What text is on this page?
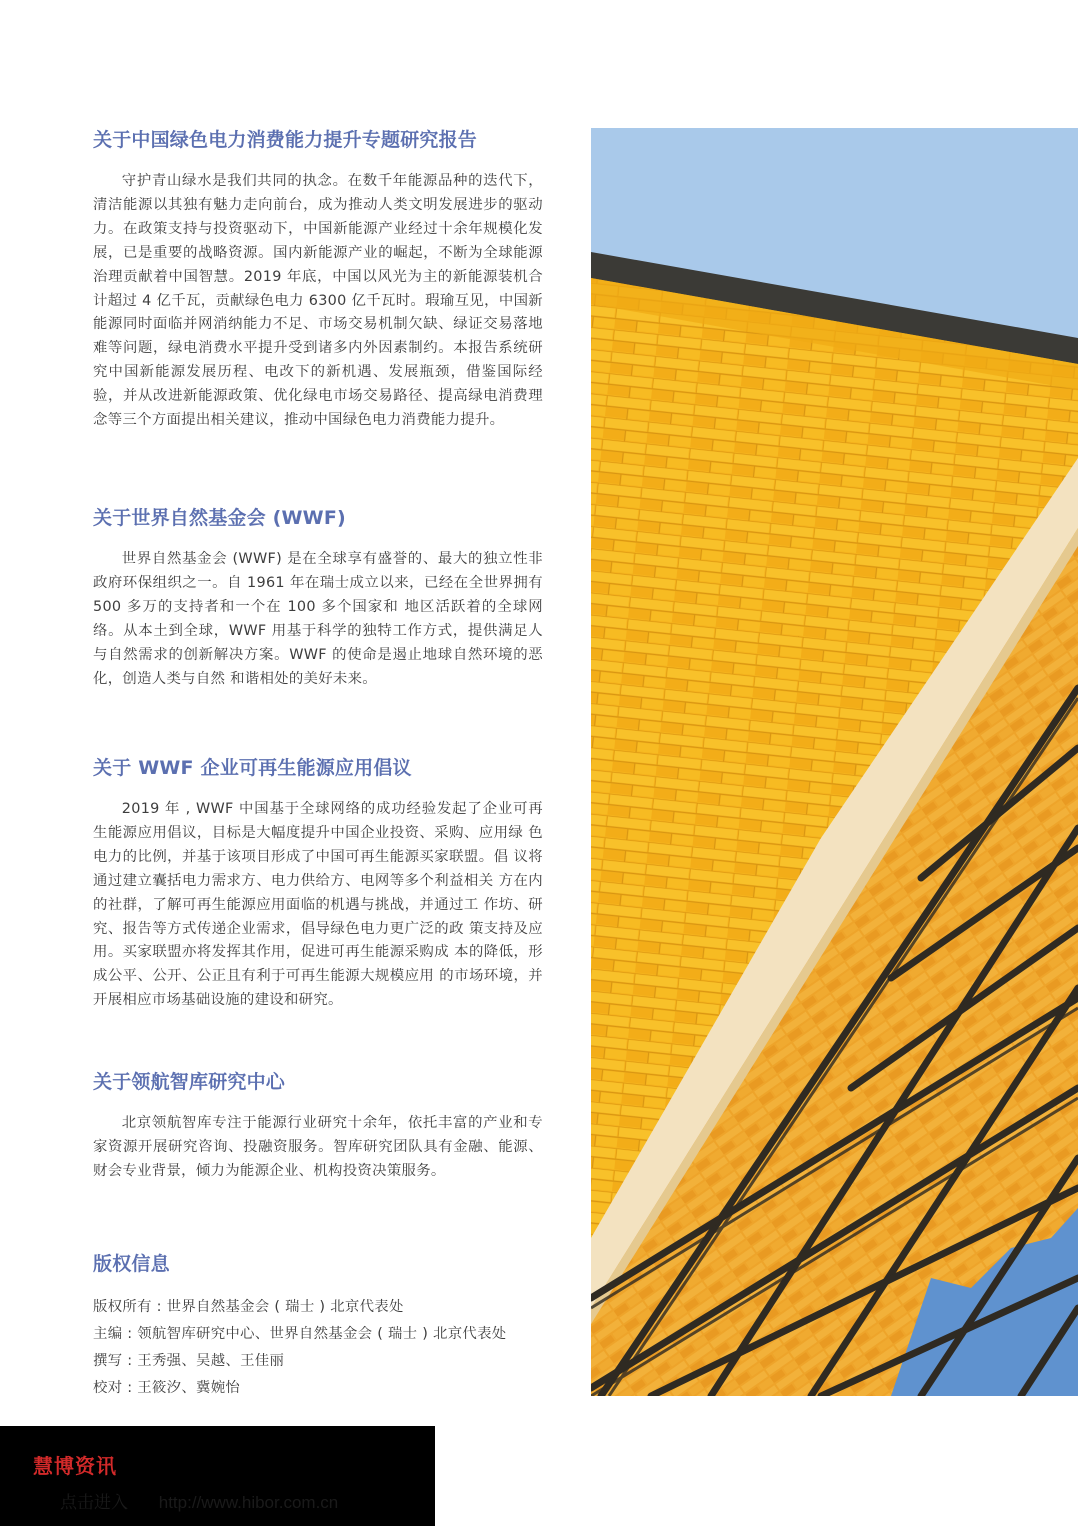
关于中国绿色电力消费能力提升专题研究报告

守护青山绿水是我们共同的执念。在数千年能源品种的迭代下，清洁能源以其独有魅力走向前台，成为推动人类文明发展进步的驱动力。在政策支持与投资驱动下，中国新能源产业经过十余年规模化发展，已是重要的战略资源。国内新能源产业的崛起，不断为全球能源治理贡献着中国智慧。2019 年底，中国以风光为主的新能源装机合计超过 4 亿千瓦，贡献绿色电力 6300 亿千瓦时。瑕瑜互见，中国新能源同时面临并网消纳能力不足、市场交易机制欠缺、绿证交易落地难等问题，绿电消费水平提升受到诸多内外因素制约。本报告系统研究中国新能源发展历程、电改下的新机遇、发展瓶颈，借鉴国际经验，并从改进新能源政策、优化绿电市场交易路径、提高绿电消费理念等三个方面提出相关建议，推动中国绿色电力消费能力提升。

关于世界自然基金会 (WWF)

世界自然基金会 (WWF) 是在全球享有盛誉的、最大的独立性非政府环保组织之一。自 1961 年在瑞士成立以来，已经在全世界拥有 500 多万的支持者和一个在 100 多个国家和 地区活跃着的全球网络。从本土到全球，WWF 用基于科学的独特工作方式，提供满足人 与自然需求的创新解决方案。WWF 的使命是遏止地球自然环境的恶化，创造人类与自然 和谐相处的美好未来。

关于 WWF 企业可再生能源应用倡议

2019 年 , WWF 中国基于全球网络的成功经验发起了企业可再生能源应用倡议，目标是大幅度提升中国企业投资、采购、应用绿 色电力的比例，并基于该项目形成了中国可再生能源买家联盟。倡 议将通过建立囊括电力需求方、电力供给方、电网等多个利益相关 方在内的社群，了解可再生能源应用面临的机遇与挑战，并通过工 作坊、研究、报告等方式传递企业需求，倡导绿色电力更广泛的政 策支持及应用。买家联盟亦将发挥其作用，促进可再生能源采购成 本的降低，形成公平、公开、公正且有利于可再生能源大规模应用 的市场环境，并开展相应市场基础设施的建设和研究。

关于领航智库研究中心

北京领航智库专注于能源行业研究十余年，依托丰富的产业和专家资源开展研究咨询、投融资服务。智库研究团队具有金融、能源、财会专业背景，倾力为能源企业、机构投资决策服务。

版权信息
版权所有 : 世界自然基金会 ( 瑞士 ) 北京代表处
主编 : 领航智库研究中心、世界自然基金会 ( 瑞士 ) 北京代表处
撰写 : 王秀强、吴越、王佳丽
校对 : 王筱汐、冀婉怡
慧博资讯
点击进入 http://www.hibor.com.cn
